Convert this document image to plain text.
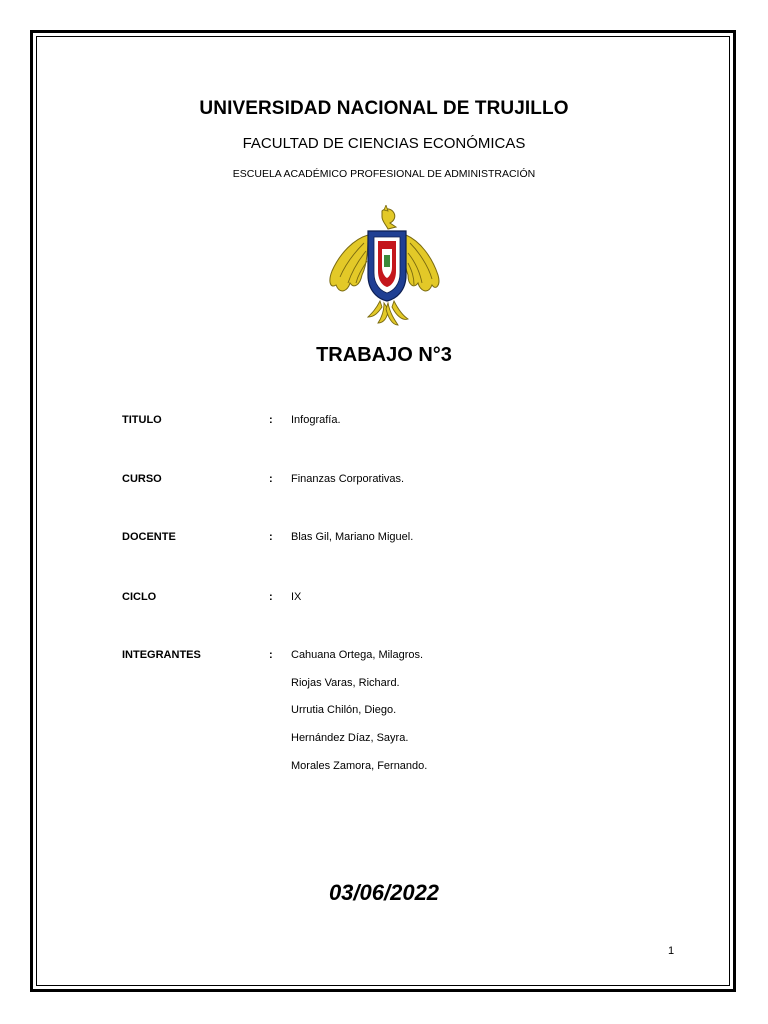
UNIVERSIDAD NACIONAL DE TRUJILLO
FACULTAD DE CIENCIAS ECONÓMICAS
ESCUELA ACADÉMICO PROFESIONAL DE ADMINISTRACIÓN
TRABAJO N°3
TITULO	: Infografía.
CURSO	: Finanzas Corporativas.
DOCENTE	: Blas Gil, Mariano Miguel.
CICLO	: IX
INTEGRANTES	: Cahuana Ortega, Milagros.
Riojas Varas, Richard.
Urrutia Chilón, Diego.
Hernández Díaz, Sayra.
Morales Zamora, Fernando.
03/06/2022
1
